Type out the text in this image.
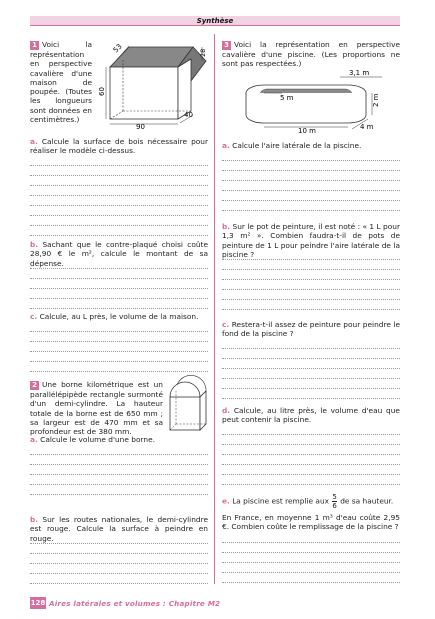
Synthèse
1 Voici la représentation en perspective cavalière d'une maison de poupée. (Toutes les longueurs sont données en centimètres.)
53	28
60
90
40
a. Calcule la surface de bois nécessaire pour réaliser le modèle ci-dessus.
b. Sachant que le contre-plaqué choisi coûte 28,90 € le m², calcule le montant de sa dépense.
c. Calcule, au L près, le volume de la maison.
2 Une borne kilométrique est un parallélépipède rectangle surmonté d'un demi-cylindre. La hauteur totale de la borne est de 650 mm ; sa largeur est de 470 mm et sa profondeur est de 380 mm.
a. Calcule le volume d'une borne.
b. Sur les routes nationales, le demi-cylindre est rouge. Calcule la surface à peindre en rouge.
3 Voici la représentation en perspective cavalière d'une piscine. (Les proportions ne sont pas respectées.)
3,1 m
5 m	2 m
10 m	4 m
a. Calcule l'aire latérale de la piscine.
b. Sur le pot de peinture, il est noté : « 1 L pour 1,3 m² ». Combien faudra-t-il de pots de peinture de 1 L pour peindre l'aire latérale de la piscine ?
c. Restera-t-il assez de peinture pour peindre le fond de la piscine ?
d. Calcule, au litre près, le volume d'eau que peut contenir la piscine.
e. La piscine est remplie aux $\frac{5}{6}$ de sa hauteur.
En France, en moyenne 1 m³ d'eau coûte 2,95 €. Combien coûte le remplissage de la piscine ?
128 Aires latérales et volumes : Chapitre M2
